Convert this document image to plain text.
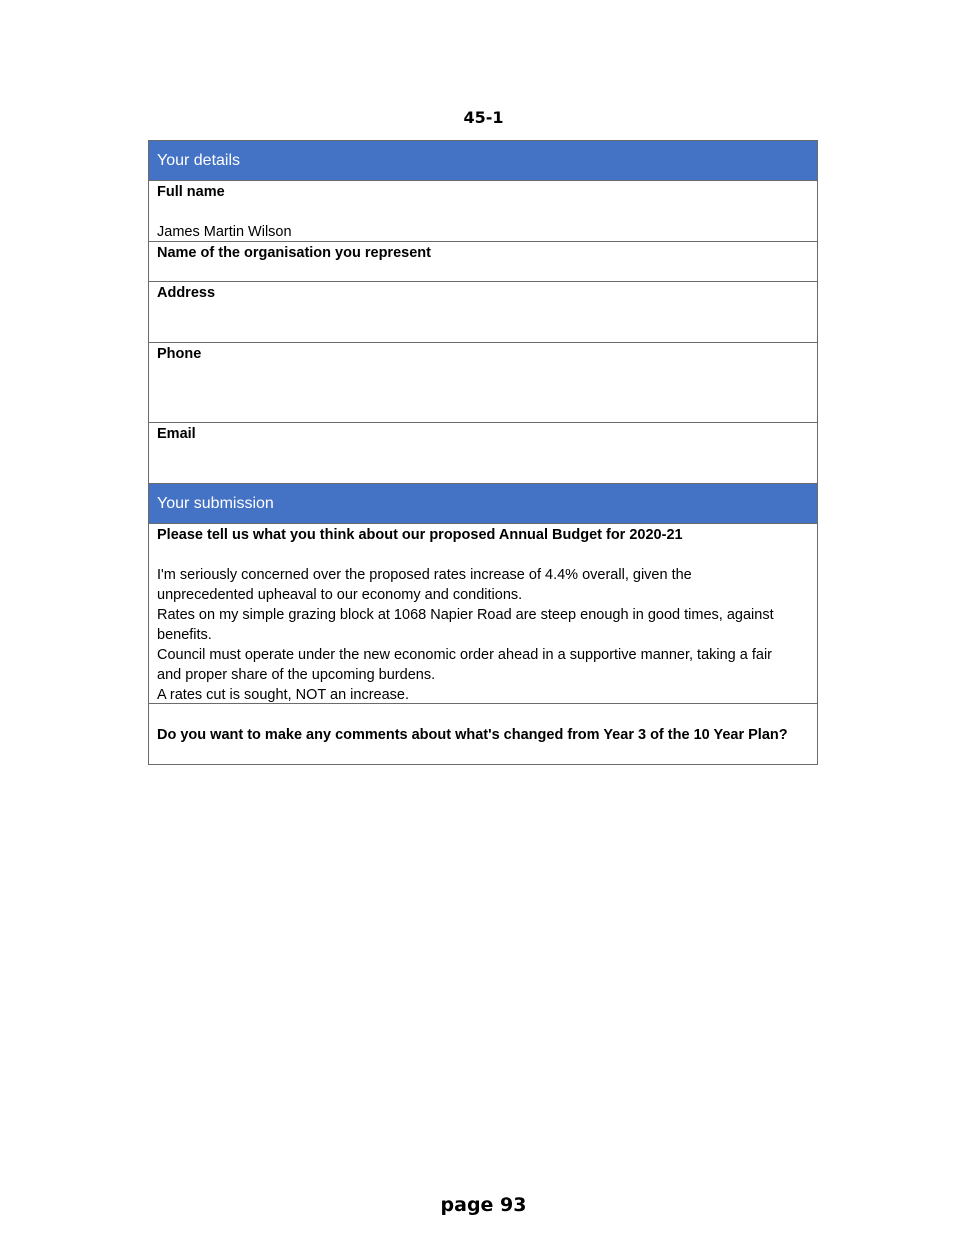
45-1
Your details
Full name
James Martin Wilson
Name of the organisation you represent
Address
Phone
Email
Your submission
Please tell us what you think about our proposed Annual Budget for 2020-21
I'm seriously concerned over the proposed rates increase of 4.4% overall, given the
unprecedented upheaval to our economy and conditions.
Rates on my simple grazing block at 1068 Napier Road are steep enough in good times, against
benefits.
Council must operate under the new economic order ahead in a supportive manner, taking a fair
and proper share of the upcoming burdens.
A rates cut is sought, NOT an increase.
Do you want to make any comments about what's changed from Year 3 of the 10 Year Plan?
page 93
